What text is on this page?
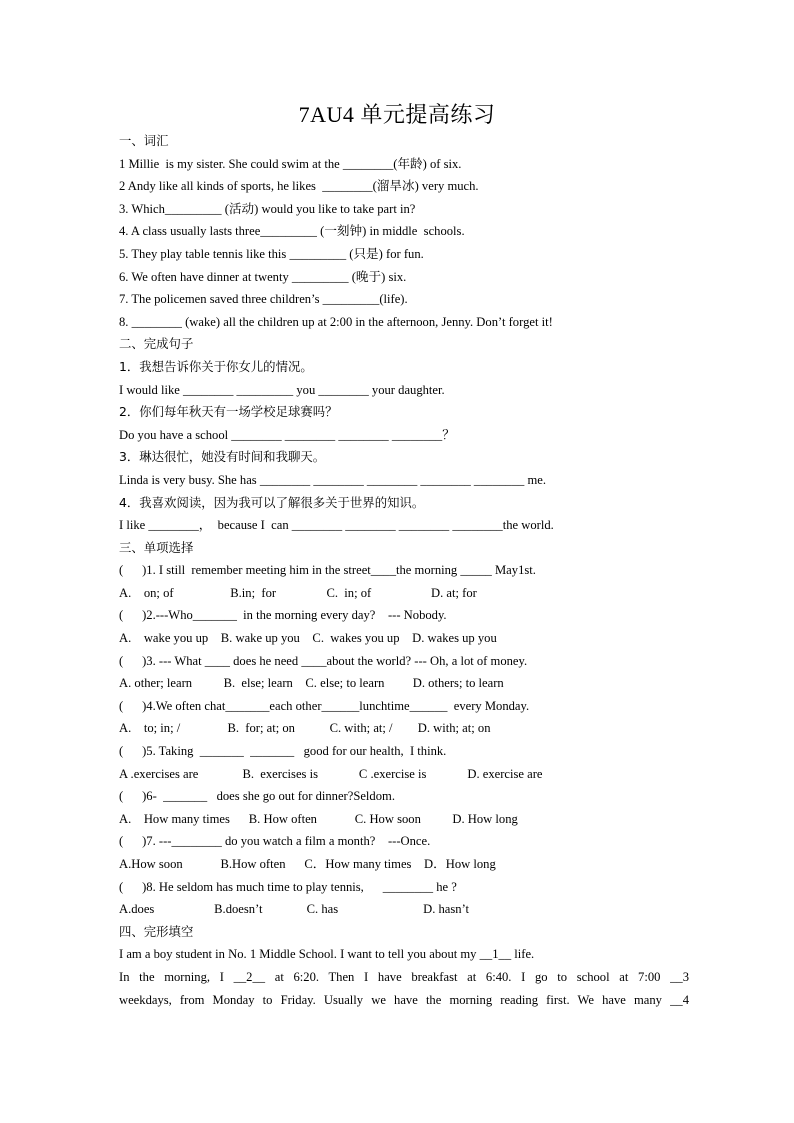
7AU4 单元提高练习
一、词汇
1 Millie  is my sister. She could swim at the ________(年龄) of six.
2 Andy like all kinds of sports, he likes  ________(溜旱冰) very much.
3. Which_________ (活动) would you like to take part in?
4. A class usually lasts three_________ (一刻钟) in middle  schools.
5. They play table tennis like this _________ (只是) for fun.
6. We often have dinner at twenty _________ (晚于) six.
7. The policemen saved three children’s _________(life).
8. ________ (wake) all the children up at 2:00 in the afternoon, Jenny. Don’t forget it!
二、完成句子
1．我想告诉你关于你女儿的情况。
I would like ________ _________ you ________ your daughter.
2．你们每年秋天有一场学校足球赛吗？
Do you have a school ________ ________ ________ ________？
3．琳达很忙，她没有时间和我聊天。
Linda is very busy. She has ________ ________ ________ ________ ________ me.
4．我喜欢阅读，因为我可以了解很多关于世界的知识。
I like ________，  because I  can ________ ________ ________ ________the world.
三、单项选择
(      )1. I still  remember meeting him in the street____the morning _____ May1st.
A.    on; of                  B.in;  for                C.  in; of                   D. at; for
(      )2.---Who_______  in the morning every day?    --- Nobody.
A.    wake you up    B. wake up you    C.  wakes you up    D. wakes up you
(      )3. --- What ____ does he need ____about the world? --- Oh, a lot of money.
A. other; learn          B.  else; learn    C. else; to learn         D. others; to learn
(      )4.We often chat_______each other______lunchtime______  every Monday.
A.    to; in; /               B.  for; at; on           C. with; at; /        D. with; at; on
(      )5. Taking  _______  _______   good for our health,  I think.
A .exercises are              B.  exercises is             C .exercise is             D. exercise are
(      )6-  _______   does she go out for dinner?Seldom.
A.    How many times      B. How often            C. How soon          D. How long
(      )7. ---________ do you watch a film a month?    ---Once.
A.How soon            B.How often      C．How many times    D．How long
(      )8. He seldom has much time to play tennis,      ________ he ?
A.does                   B.doesn’t              C. has                           D. hasn’t
四、完形填空
I am a boy student in No. 1 Middle School. I want to tell you about my __1__ life.
In the morning, I __2__ at 6:20. Then I have breakfast at 6:40. I go to school at 7:00 __3
weekdays, from Monday to Friday. Usually we have the morning reading first. We have many __4
